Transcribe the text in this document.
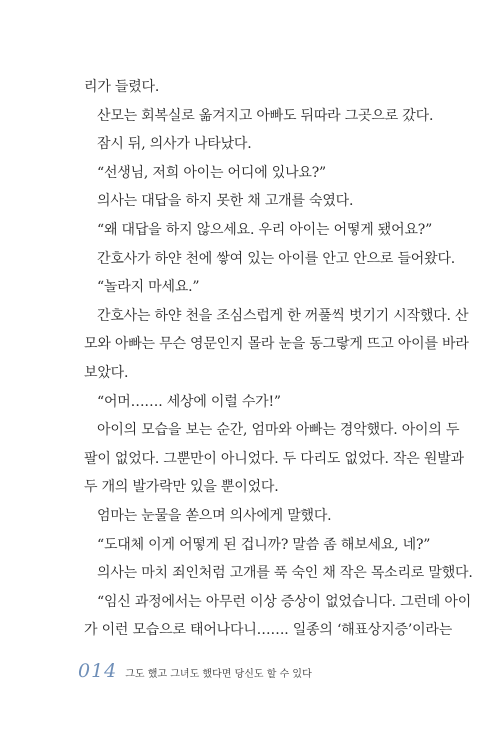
리가 들렸다.

산모는 회복실로 옮겨지고 아빠도 뒤따라 그곳으로 갔다.

잠시 뒤, 의사가 나타났다.

“선생님, 저희 아이는 어디에 있나요?”

의사는 대답을 하지 못한 채 고개를 숙였다.

“왜 대답을 하지 않으세요. 우리 아이는 어떻게 됐어요?”

간호사가 하얀 천에 쌓여 있는 아이를 안고 안으로 들어왔다.

“놀라지 마세요.”

간호사는 하얀 천을 조심스럽게 한 꺼풀씩 벗기기 시작했다. 산

모와 아빠는 무슨 영문인지 몰라 눈을 동그랗게 뜨고 아이를 바라

보았다.

“어머……. 세상에 이럴 수가!”

아이의 모습을 보는 순간, 엄마와 아빠는 경악했다. 아이의 두

팔이 없었다. 그뿐만이 아니었다. 두 다리도 없었다. 작은 원발과

두 개의 발가락만 있을 뿐이었다.

엄마는 눈물을 쏟으며 의사에게 말했다.

“도대체 이게 어떻게 된 겁니까? 말씀 좀 해보세요, 네?”

의사는 마치 죄인처럼 고개를 푹 숙인 채 작은 목소리로 말했다.

“임신 과정에서는 아무런 이상 증상이 없었습니다. 그런데 아이

가 이런 모습으로 태어나다니……. 일종의 ‘해표상지증’이라는

014 그도 했고 그녀도 했다면 당신도 할 수 있다
